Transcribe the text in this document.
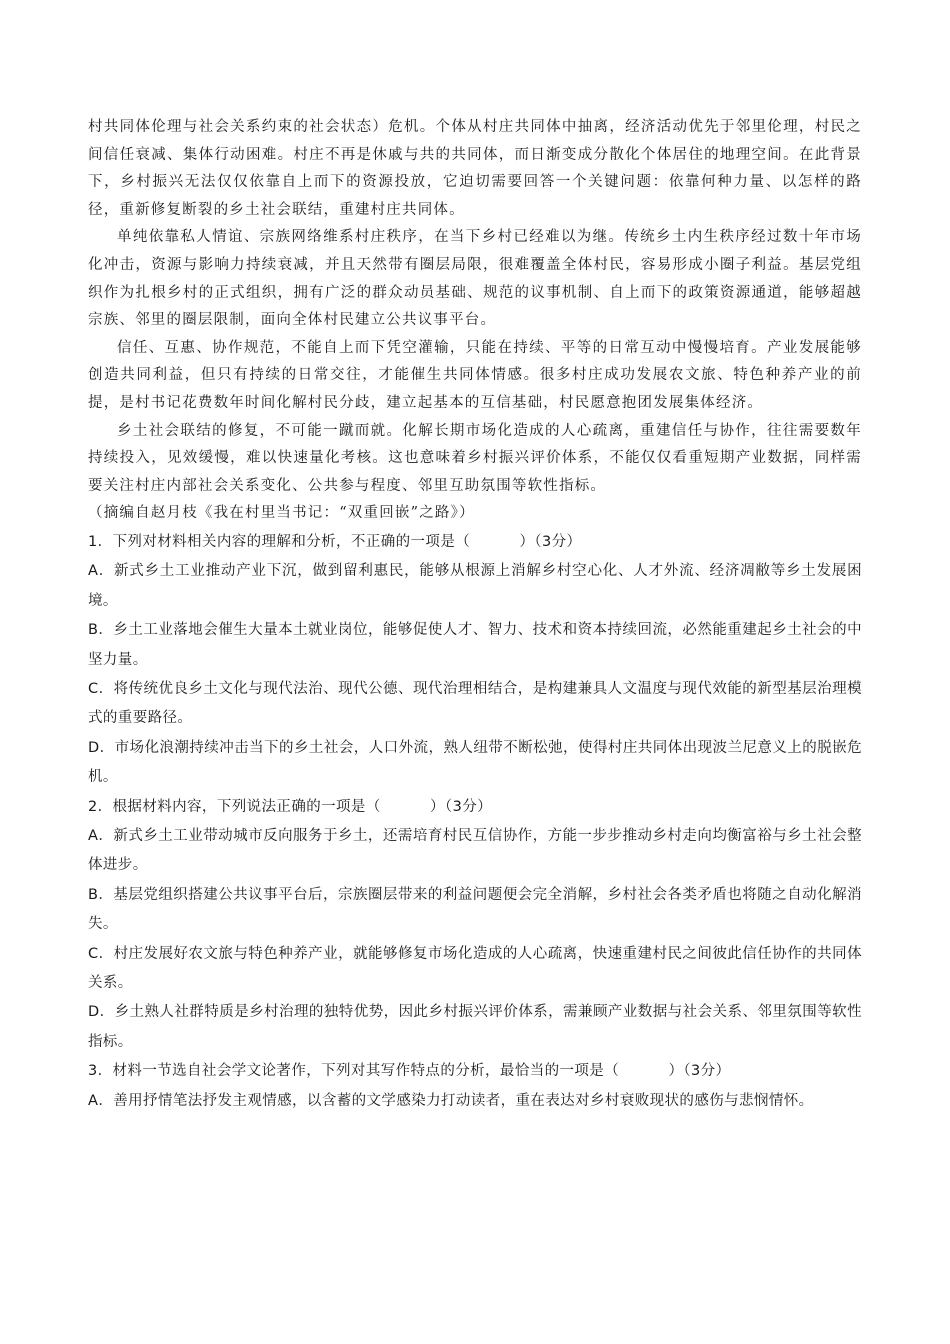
村共同体伦理与社会关系约束的社会状态）危机。个体从村庄共同体中抽离，经济活动优先于邻里伦理，村民之间信任衰减、集体行动困难。村庄不再是休戚与共的共同体，而日渐变成分散化个体居住的地理空间。在此背景下，乡村振兴无法仅仅依靠自上而下的资源投放，它迫切需要回答一个关键问题：依靠何种力量、以怎样的路径，重新修复断裂的乡土社会联结，重建村庄共同体。

单纯依靠私人情谊、宗族网络维系村庄秩序，在当下乡村已经难以为继。传统乡土内生秩序经过数十年市场化冲击，资源与影响力持续衰减，并且天然带有圈层局限，很难覆盖全体村民，容易形成小圈子利益。基层党组织作为扎根乡村的正式组织，拥有广泛的群众动员基础、规范的议事机制、自上而下的政策资源通道，能够超越宗族、邻里的圈层限制，面向全体村民建立公共议事平台。

信任、互惠、协作规范，不能自上而下凭空灌输，只能在持续、平等的日常互动中慢慢培育。产业发展能够创造共同利益，但只有持续的日常交往，才能催生共同体情感。很多村庄成功发展农文旅、特色种养产业的前提，是村书记花费数年时间化解村民分歧，建立起基本的互信基础，村民愿意抱团发展集体经济。

乡土社会联结的修复，不可能一蹴而就。化解长期市场化造成的人心疏离，重建信任与协作，往往需要数年持续投入，见效缓慢，难以快速量化考核。这也意味着乡村振兴评价体系，不能仅仅看重短期产业数据，同样需要关注村庄内部社会关系变化、公共参与程度、邻里互助氛围等软性指标。

（摘编自赵月枝《我在村里当书记：“双重回嵌”之路》）

1．下列对材料相关内容的理解和分析，不正确的一项是（	）（3分）

A．新式乡土工业推动产业下沉，做到留利惠民，能够从根源上消解乡村空心化、人才外流、经济凋敝等乡土发展困境。

B．乡土工业落地会催生大量本土就业岗位，能够促使人才、智力、技术和资本持续回流，必然能重建起乡土社会的中坚力量。

C．将传统优良乡土文化与现代法治、现代公德、现代治理相结合，是构建兼具人文温度与现代效能的新型基层治理模式的重要路径。

D．市场化浪潮持续冲击当下的乡土社会，人口外流，熟人纽带不断松弛，使得村庄共同体出现波兰尼意义上的脱嵌危机。

2．根据材料内容，下列说法正确的一项是（	）（3分）

A．新式乡土工业带动城市反向服务于乡土，还需培育村民互信协作，方能一步步推动乡村走向均衡富裕与乡土社会整体进步。

B．基层党组织搭建公共议事平台后，宗族圈层带来的利益问题便会完全消解，乡村社会各类矛盾也将随之自动化解消失。

C．村庄发展好农文旅与特色种养产业，就能够修复市场化造成的人心疏离，快速重建村民之间彼此信任协作的共同体关系。

D．乡土熟人社群特质是乡村治理的独特优势，因此乡村振兴评价体系，需兼顾产业数据与社会关系、邻里氛围等软性指标。

3．材料一节选自社会学文论著作，下列对其写作特点的分析，最恰当的一项是（	）（3分）

A．善用抒情笔法抒发主观情感，以含蓄的文学感染力打动读者，重在表达对乡村衰败现状的感伤与悲悯情怀。
